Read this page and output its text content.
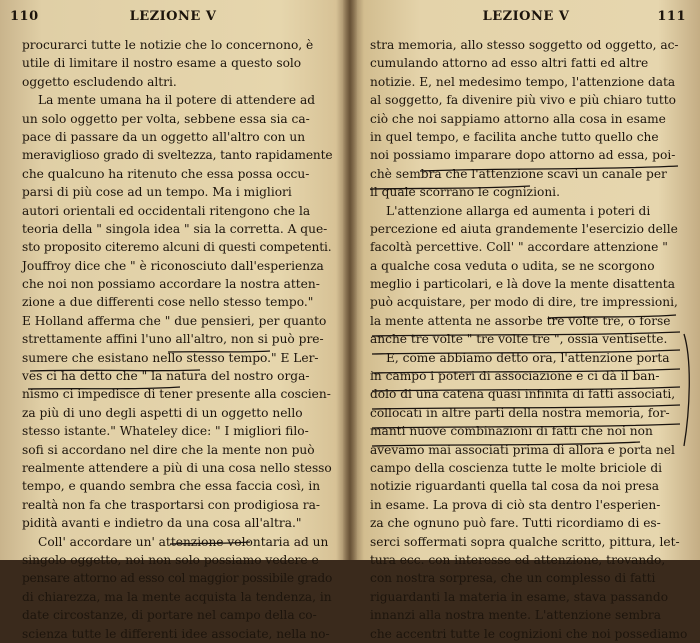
110	LEZIONE V
procurarci tutte le notizie che lo concernono, è
utile di limitare il nostro esame a questo solo
oggetto escludendo altri.
La mente umana ha il potere di attendere ad
un solo oggetto per volta, sebbene essa sia ca-
pace di passare da un oggetto all'altro con un
meraviglioso grado di sveltezza, tanto rapidamente
che qualcuno ha ritenuto che essa possa occu-
parsi di più cose ad un tempo. Ma i migliori
autori orientali ed occidentali ritengono che la
teoria della " singola idea " sia la corretta. A que-
sto proposito citeremo alcuni di questi competenti.
Jouffroy dice che " è riconosciuto dall'esperienza
che noi non possiamo accordare la nostra atten-
zione a due differenti cose nello stesso tempo."
E Holland afferma che " due pensieri, per quanto
strettamente affini l'uno all'altro, non si può pre-
sumere che esistano nello stesso tempo." E Ler-
ves ci ha detto che " la natura del nostro orga-
nismo ci impedisce di tener presente alla coscien-
za più di uno degli aspetti di un oggetto nello
stesso istante." Whateley dice: " I migliori filo-
sofi si accordano nel dire che la mente non può
realmente attendere a più di una cosa nello stesso
tempo, e quando sembra che essa faccia così, in
realtà non fa che trasportarsi con prodigiosa ra-
pidità avanti e indietro da una cosa all'altra."
Coll' accordare un' attenzione volontaria ad un
singolo oggetto, noi non solo possiamo vedere e
pensare attorno ad esso col maggior possibile grado
di chiarezza, ma la mente acquista la tendenza, in
date circostanze, di portare nel campo della co-
scienza tutte le differenti idee associate, nella no-
LEZIONE V	111
stra memoria, allo stesso soggetto od oggetto, ac-
cumulando attorno ad esso altri fatti ed altre
notizie. E, nel medesimo tempo, l'attenzione data
al soggetto, fa divenire più vivo e più chiaro tutto
ciò che noi sappiamo attorno alla cosa in esame
in quel tempo, e facilita anche tutto quello che
noi possiamo imparare dopo attorno ad essa, poi-
chè sembra che l'attenzione scavi un canale per
il quale scorrano le cognizioni.
L'attenzione allarga ed aumenta i poteri di
percezione ed aiuta grandemente l'esercizio delle
facoltà percettive. Coll' " accordare attenzione "
a qualche cosa veduta o udita, se ne scorgono
meglio i particolari, e là dove la mente disattenta
può acquistare, per modo di dire, tre impressioni,
la mente attenta ne assorbe tre volte tre, o forse
anche tre volte " tre volte tre ", ossia ventisette.
E, come abbiamo detto ora, l'attenzione porta
in campo i poteri di associazione e ci dà il ban-
dolo di una catena quasi infinita di fatti associati,
collocati in altre parti della nostra memoria, for-
manti nuove combinazioni di fatti che noi non
avevamo mai associati prima di allora e porta nel
campo della coscienza tutte le molte briciole di
notizie riguardanti quella tal cosa da noi presa
in esame. La prova di ciò sta dentro l'esperien-
za che ognuno può fare. Tutti ricordiamo di es-
serci soffermati sopra qualche scritto, pittura, let-
tura ecc. con interesse ed attenzione, trovando,
con nostra sorpresa, che un complesso di fatti
riguardanti la materia in esame, stava passando
innanzi alla nostra mente. L'attenzione sembra
che accentri tutte le cognizioni che noi possediamo
